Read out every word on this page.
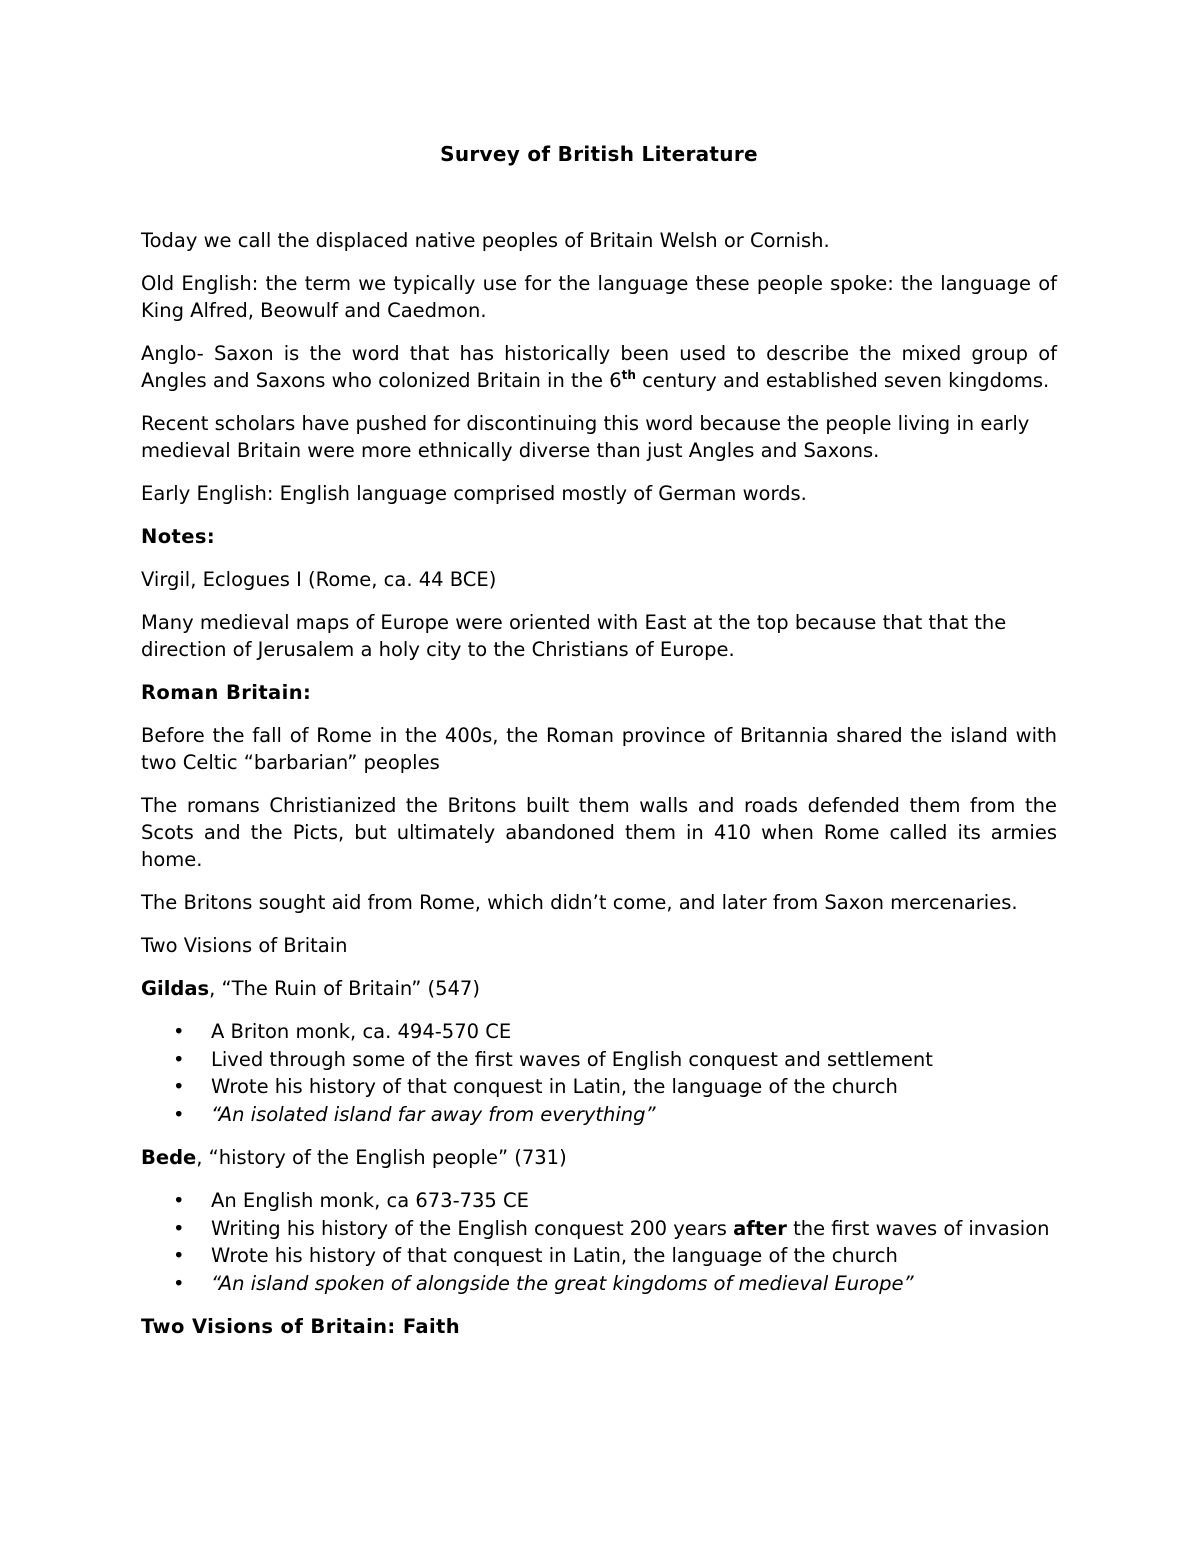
Survey of British Literature

Today we call the displaced native peoples of Britain Welsh or Cornish.

Old English: the term we typically use for the language these people spoke: the language of King Alfred, Beowulf and Caedmon.

Anglo- Saxon is the word that has historically been used to describe the mixed group of Angles and Saxons who colonized Britain in the 6th century and established seven kingdoms.

Recent scholars have pushed for discontinuing this word because the people living in early medieval Britain were more ethnically diverse than just Angles and Saxons.

Early English: English language comprised mostly of German words.

Notes:

Virgil, Eclogues I (Rome, ca. 44 BCE)

Many medieval maps of Europe were oriented with East at the top because that that the direction of Jerusalem a holy city to the Christians of Europe.

Roman Britain:

Before the fall of Rome in the 400s, the Roman province of Britannia shared the island with two Celtic “barbarian” peoples

The romans Christianized the Britons built them walls and roads defended them from the Scots and the Picts, but ultimately abandoned them in 410 when Rome called its armies home.

The Britons sought aid from Rome, which didn’t come, and later from Saxon mercenaries.

Two Visions of Britain

Gildas, “The Ruin of Britain” (547)

• A Briton monk, ca. 494-570 CE
• Lived through some of the first waves of English conquest and settlement
• Wrote his history of that conquest in Latin, the language of the church
• “An isolated island far away from everything”

Bede, “history of the English people” (731)

• An English monk, ca 673-735 CE
• Writing his history of the English conquest 200 years after the first waves of invasion
• Wrote his history of that conquest in Latin, the language of the church
• “An island spoken of alongside the great kingdoms of medieval Europe”
Two Visions of Britain: Faith
